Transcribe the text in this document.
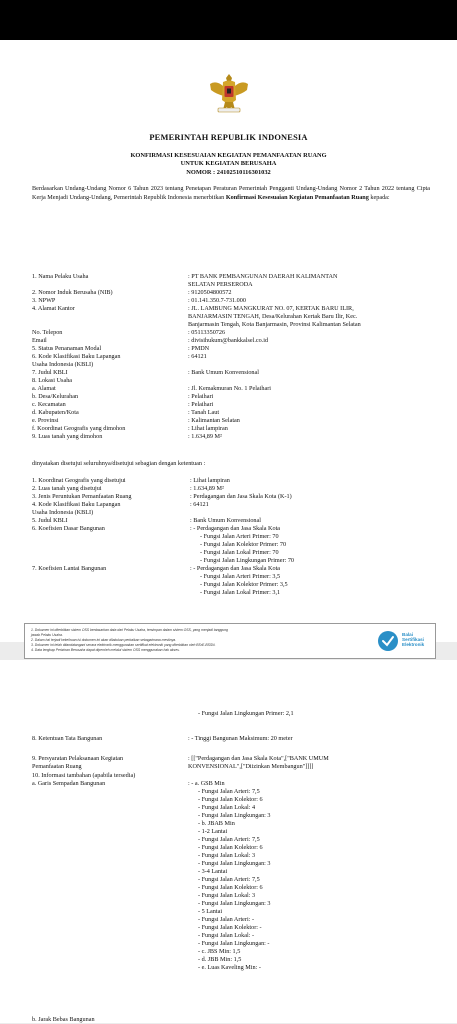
PEMERINTAH REPUBLIK INDONESIA
KONFIRMASI KESESUAIAN KEGIATAN PEMANFAATAN RUANG
UNTUK KEGIATAN BERUSAHA
NOMOR : 24102510116301032
Berdasarkan Undang-Undang Nomor 6 Tahun 2023 tentang Penetapan Peraturan Pemerintah Pengganti Undang-Undang Nomor 2 Tahun 2022 tentang Cipta Kerja Menjadi Undang-Undang, Pemerintah Republik Indonesia menerbitkan Konfirmasi Kesesuaian Kegiatan Pemanfaatan Ruang kepada:
1. Nama Pelaku Usaha	: PT BANK PEMBANGUNAN DAERAH KALIMANTAN
SELATAN PERSERODA
2. Nomor Induk Berusaha (NIB)	: 9120504800572
3. NPWP	: 01.141.350.7-731.000
4. Alamat Kantor	: JL. LAMBUNG MANGKURAT NO. 07, KERTAK BARU ILIR,
BANJARMASIN TENGAH, Desa/Kelurahan Kertak Baru Ilir, Kec.
Banjarmasin Tengah, Kota Banjarmasin, Provinsi Kalimantan Selatan
No. Telepon	: 05113350726
Email	: divisihukum@bankkalsel.co.id
5. Status Penanaman Modal	: PMDN
6. Kode Klasifikasi Baku Lapangan	: 64121
Usaha Indonesia (KBLI)
7. Judul KBLI	: Bank Umum Konvensional
8. Lokasi Usaha
a. Alamat	: Jl. Kemakmuran No. 1 Pelaihari
b. Desa/Kelurahan	: Pelaihari
c. Kecamatan	: Pelaihari
d. Kabupaten/Kota	: Tanah Laut
e. Provinsi	: Kalimantan Selatan
f. Koordinat Geografis yang dimohon	: Lihat lampiran
9. Luas tanah yang dimohon	: 1.634,89 M²
dinyatakan disetujui seluruhnya/disetujui sebagian dengan ketentuan :
1. Koordinat Geografis yang disetujui	: Lihat lampiran
2. Luas tanah yang disetujui	: 1.634,89 M²
3. Jenis Peruntukan Pemanfaatan Ruang	: Perdagangan dan Jasa Skala Kota (K-1)
4. Kode Klasifikasi Baku Lapangan	: 64121
Usaha Indonesia (KBLI)
5. Judul KBLI	: Bank Umum Konvensional
6. Koefisien Dasar Bangunan	: - Perdagangan dan Jasa Skala Kota
- Fungsi Jalan Arteri Primer: 70
- Fungsi Jalan Kolektor Primer: 70
- Fungsi Jalan Lokal Primer: 70
- Fungsi Jalan Lingkungan Primer: 70
7. Koefisien Lantai Bangunan	: - Perdagangan dan Jasa Skala Kota
- Fungsi Jalan Arteri Primer: 3,5
- Fungsi Jalan Kolektor Primer: 3,5
- Fungsi Jalan Lokal Primer: 3,1
1. Dokumen ini diterbitkan sistem OSS berdasarkan data dari Pelaku Usaha, tersimpan dalam sistem OSS, yang menjadi tanggung
jawab Pelaku Usaha.
2. Dalam hal terjadi kekeliruan isi dokumen ini akan dilakukan perbaikan sebagaimana mestinya.
3. Dokumen ini telah ditandatangani secara elektronik menggunakan sertifikat elektronik yang diterbitkan oleh BSrE-BSSN.
4. Data lengkap Perizinan Berusaha dapat diperoleh melalui sistem OSS menggunakan hak akses.
Balai
Sertifikasi
Elektronik
- Fungsi Jalan Lingkungan Primer: 2,1
8. Ketentuan Tata Bangunan	: - Tinggi Bangunan Maksimum: 20 meter
9. Persyaratan Pelaksanaan Kegiatan
Pemanfaatan Ruang
: [["Perdagangan dan Jasa Skala Kota",["BANK UMUM
KONVENSIONAL",["Diizinkan Membangun"]]]]
10. Informasi tambahan (apabila tersedia)
a. Garis Sempadan Bangunan	: - a. GSB Min
- Fungsi Jalan Arteri: 7,5
- Fungsi Jalan Kolektor: 6
- Fungsi Jalan Lokal: 4
- Fungsi Jalan Lingkungan: 3
- b. JBAB Min
- 1-2 Lantai
- Fungsi Jalan Arteri: 7,5
- Fungsi Jalan Kolektor: 6
- Fungsi Jalan Lokal: 3
- Fungsi Jalan Lingkungan: 3
- 3-4 Lantai
- Fungsi Jalan Arteri: 7,5
- Fungsi Jalan Kolektor: 6
- Fungsi Jalan Lokal: 3
- Fungsi Jalan Lingkungan: 3
- 5 Lantai
- Fungsi Jalan Arteri: -
- Fungsi Jalan Kolektor: -
- Fungsi Jalan Lokal: -
- Fungsi Jalan Lingkungan: -
- c. JBS Min: 1,5
- d. JBB Min: 1,5
- e. Luas Kaveling Min: -
b. Jarak Bebas Bangunan
